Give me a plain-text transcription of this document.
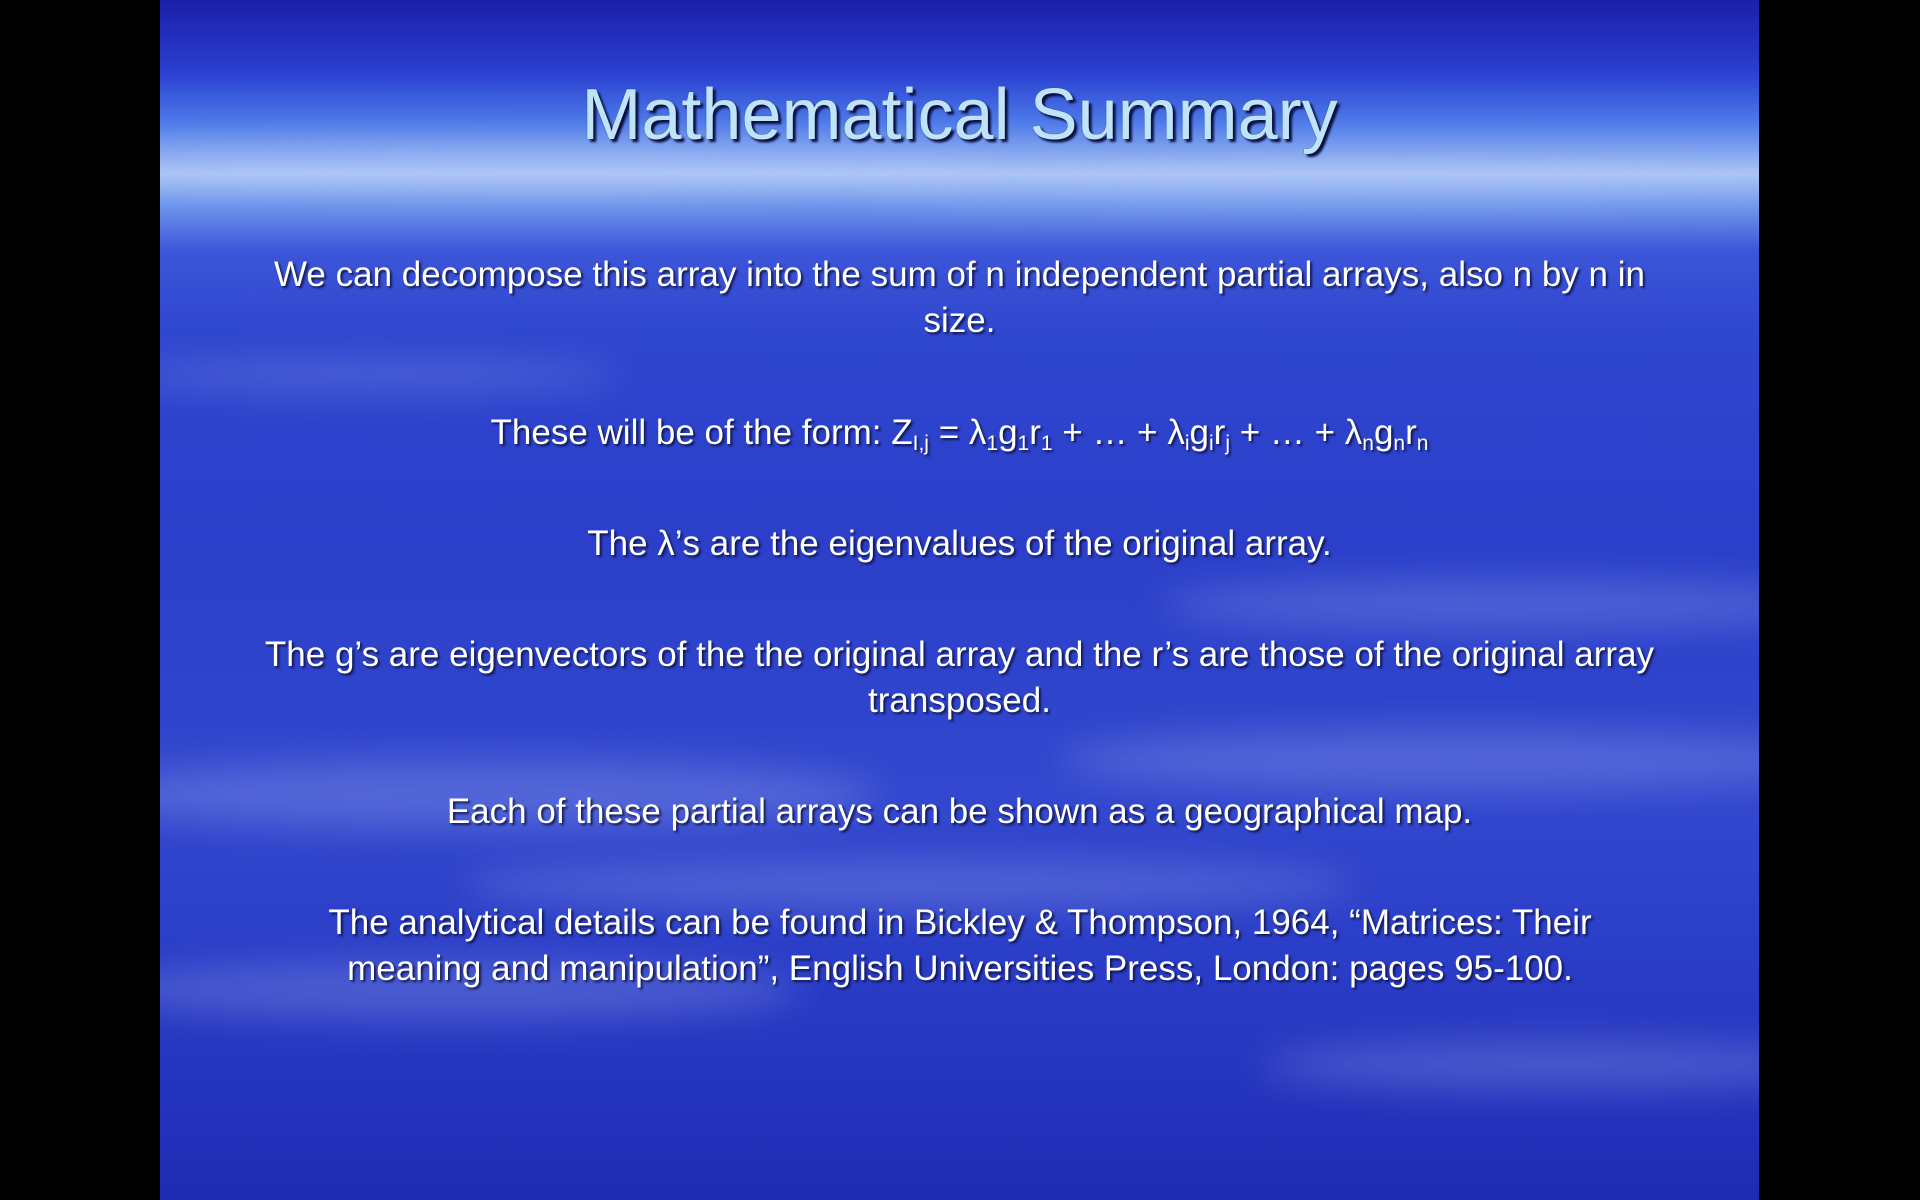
Mathematical Summary

We can decompose this array into the sum of n independent partial arrays, also n by n in size.

These will be of the form: $Z_{I,j} = \lambda_1g_1r_1$ + … + $\lambda_ig_ir_j$ + … + $\lambda_ng_nr_n$

The λ’s are the eigenvalues of the original array.

The g’s are eigenvectors of the the original array and the r’s are those of the original array transposed.

Each of these partial arrays can be shown as a geographical map.

The analytical details can be found in Bickley & Thompson, 1964, “Matrices: Their meaning and manipulation”, English Universities Press, London: pages 95-100.
